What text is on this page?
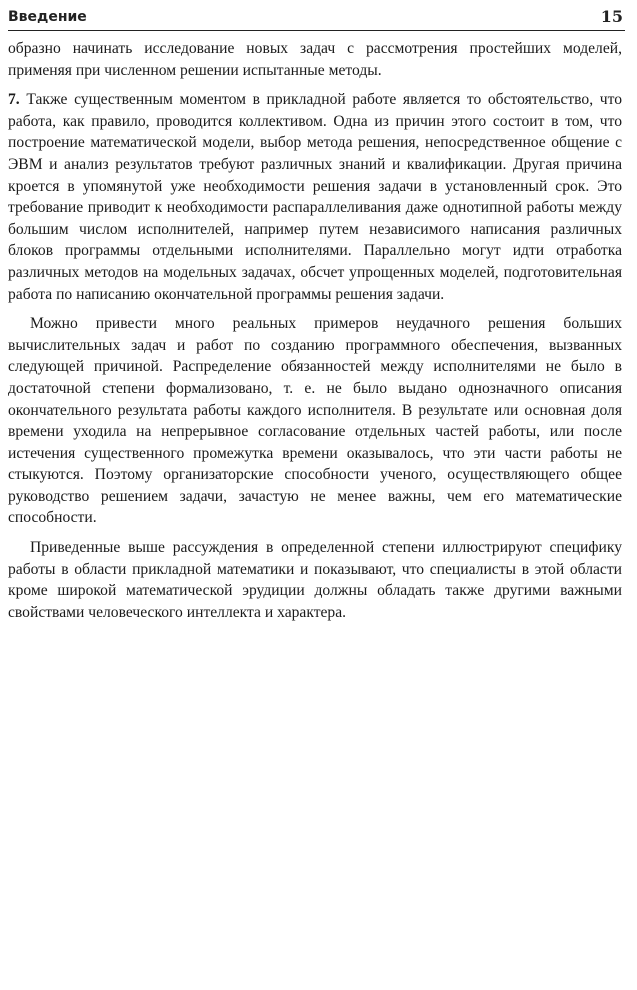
Введение	15

образно начинать исследование новых задач с рассмотрения простейших моделей, применяя при численном решении испытанные методы.

7. Также существенным моментом в прикладной работе является то обстоятельство, что работа, как правило, проводится коллективом. Одна из причин этого состоит в том, что построение математической модели, выбор метода решения, непосредственное общение с ЭВМ и анализ результатов требуют различных знаний и квалификации. Другая причина кроется в упомянутой уже необходимости решения задачи в установленный срок. Это требование приводит к необходимости распараллеливания даже однотипной работы между большим числом исполнителей, например путем независимого написания различных блоков программы отдельными исполнителями. Параллельно могут идти отработка различных методов на модельных задачах, обсчет упрощенных моделей, подготовительная работа по написанию окончательной программы решения задачи.

Можно привести много реальных примеров неудачного решения больших вычислительных задач и работ по созданию программного обеспечения, вызванных следующей причиной. Распределение обязанностей между исполнителями не было в достаточной степени формализовано, т. е. не было выдано однозначного описания окончательного результата работы каждого исполнителя. В результате или основная доля времени уходила на непрерывное согласование отдельных частей работы, или после истечения существенного промежутка времени оказывалось, что эти части работы не стыкуются. Поэтому организаторские способности ученого, осуществляющего общее руководство решением задачи, зачастую не менее важны, чем его математические способности.

Приведенные выше рассуждения в определенной степени иллюстрируют специфику работы в области прикладной математики и показывают, что специалисты в этой области кроме широкой математической эрудиции должны обладать также другими важными свойствами человеческого интеллекта и характера.
